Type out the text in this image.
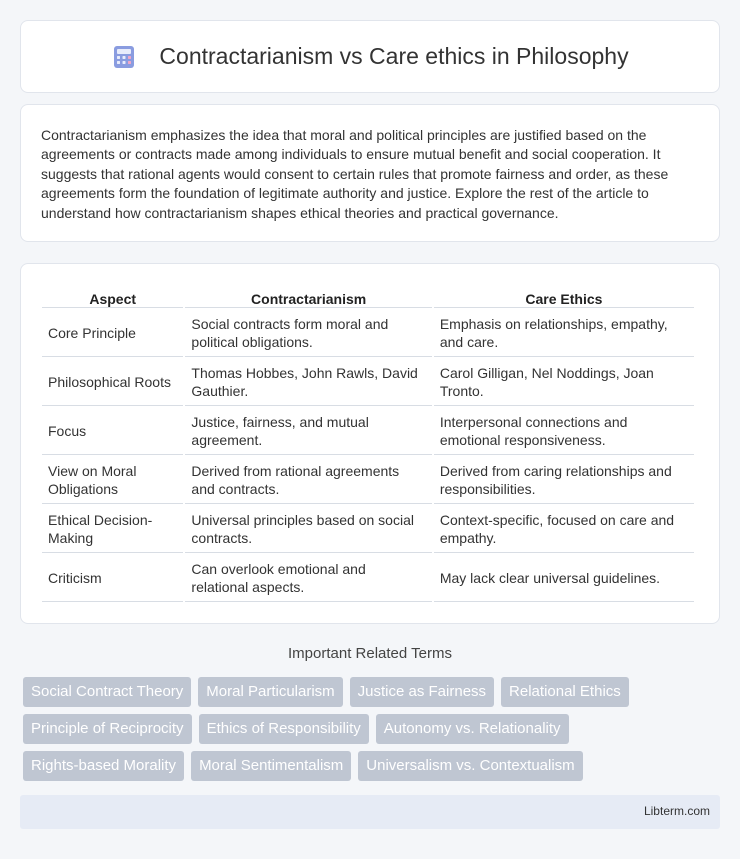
Contractarianism vs Care ethics in Philosophy

Contractarianism emphasizes the idea that moral and political principles are justified based on the agreements or contracts made among individuals to ensure mutual benefit and social cooperation. It suggests that rational agents would consent to certain rules that promote fairness and order, as these agreements form the foundation of legitimate authority and justice. Explore the rest of the article to understand how contractarianism shapes ethical theories and practical governance.

Aspect	Contractarianism	Care Ethics
Core Principle	Social contracts form moral and political obligations.	Emphasis on relationships, empathy, and care.
Philosophical Roots	Thomas Hobbes, John Rawls, David Gauthier.	Carol Gilligan, Nel Noddings, Joan Tronto.
Focus	Justice, fairness, and mutual agreement.	Interpersonal connections and emotional responsiveness.
View on Moral Obligations	Derived from rational agreements and contracts.	Derived from caring relationships and responsibilities.
Ethical Decision-Making	Universal principles based on social contracts.	Context-specific, focused on care and empathy.
Criticism	Can overlook emotional and relational aspects.	May lack clear universal guidelines.
Important Related Terms
Social Contract Theory	Moral Particularism	Justice as Fairness	Relational Ethics
Principle of Reciprocity	Ethics of Responsibility	Autonomy vs. Relationality
Rights-based Morality	Moral Sentimentalism	Universalism vs. Contextualism
Libterm.com
